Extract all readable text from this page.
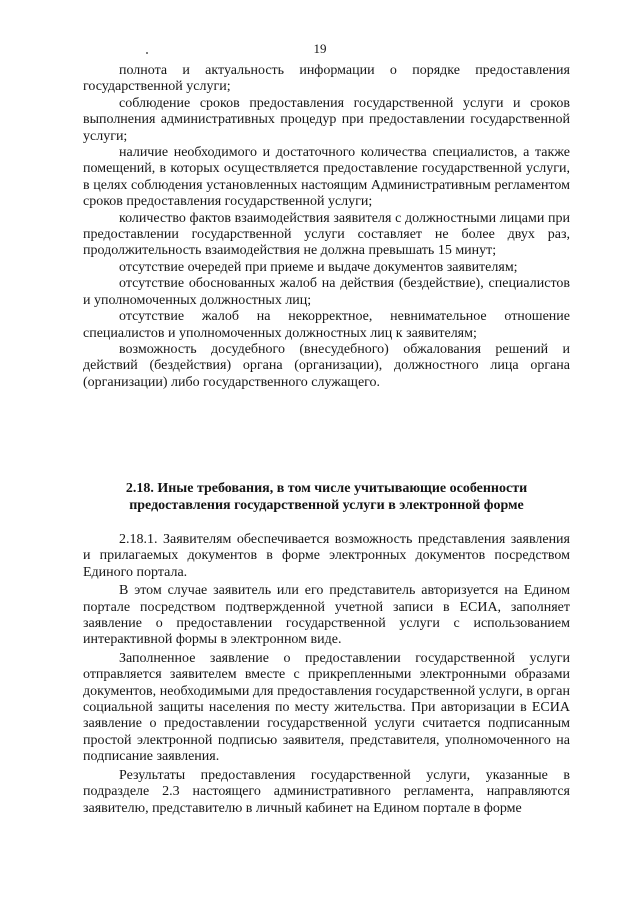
19

полнота и актуальность информации о порядке предоставления государственной услуги;

соблюдение сроков предоставления государственной услуги и сроков выполнения административных процедур при предоставлении государственной услуги;

наличие необходимого и достаточного количества специалистов, а также помещений, в которых осуществляется предоставление государственной услуги, в целях соблюдения установленных настоящим Административным регламентом сроков предоставления государственной услуги;

количество фактов взаимодействия заявителя с должностными лицами при предоставлении государственной услуги составляет не более двух раз, продолжительность взаимодействия не должна превышать 15 минут;

отсутствие очередей при приеме и выдаче документов заявителям;

отсутствие обоснованных жалоб на действия (бездействие), специалистов и уполномоченных должностных лиц;

отсутствие жалоб на некорректное, невнимательное отношение специалистов и уполномоченных должностных лиц к заявителям;

возможность досудебного (внесудебного) обжалования решений и действий (бездействия) органа (организации), должностного лица органа (организации) либо государственного служащего.

2.18. Иные требования, в том числе учитывающие особенности
предоставления государственной услуги в электронной форме

2.18.1. Заявителям обеспечивается возможность представления заявления и прилагаемых документов в форме электронных документов посредством Единого портала.

В этом случае заявитель или его представитель авторизуется на Едином портале посредством подтвержденной учетной записи в ЕСИА, заполняет заявление о предоставлении государственной услуги с использованием интерактивной формы в электронном виде.

Заполненное заявление о предоставлении государственной услуги отправляется заявителем вместе с прикрепленными электронными образами документов, необходимыми для предоставления государственной услуги, в орган социальной защиты населения по месту жительства. При авторизации в ЕСИА заявление о предоставлении государственной услуги считается подписанным простой электронной подписью заявителя, представителя, уполномоченного на подписание заявления.

Результаты предоставления государственной услуги, указанные в подразделе 2.3 настоящего административного регламента, направляются заявителю, представителю в личный кабинет на Едином портале в форме
